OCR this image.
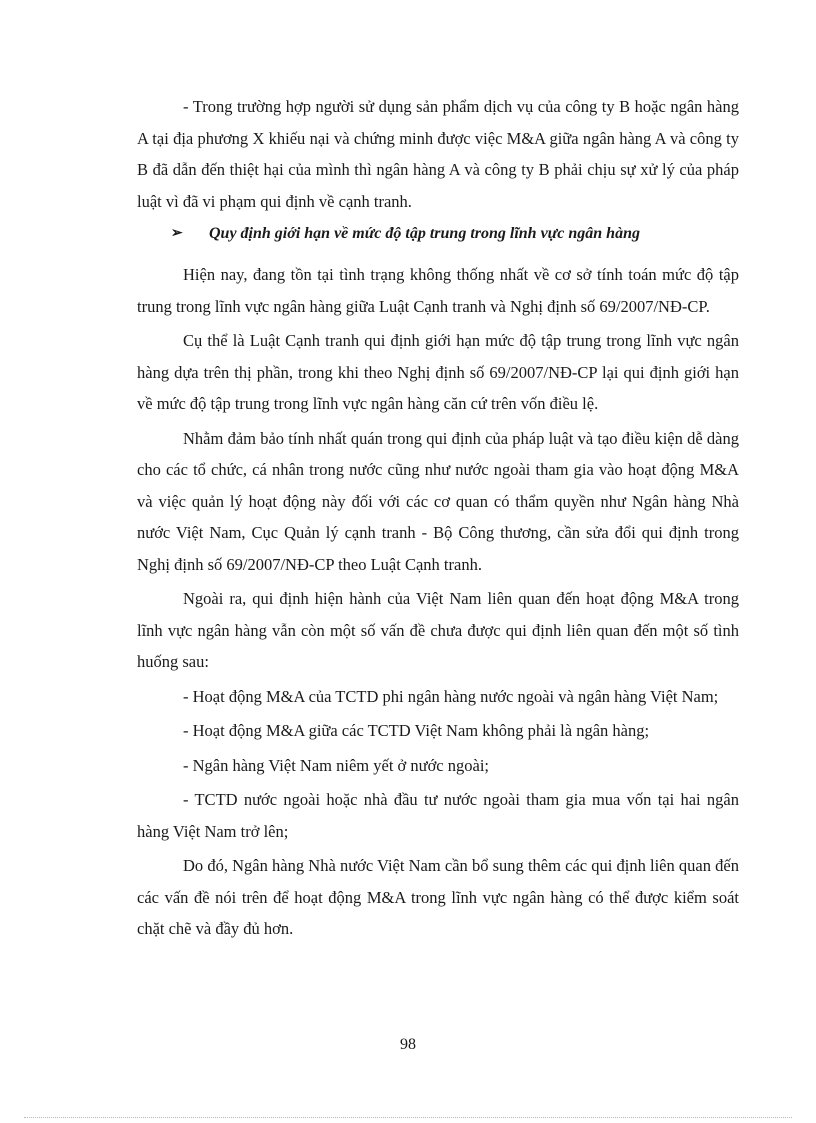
- Trong trường hợp người sử dụng sản phẩm dịch vụ của công ty B hoặc ngân hàng A tại địa phương X khiếu nại và chứng minh được việc M&A giữa ngân hàng A và công ty B đã dẫn đến thiệt hại của mình thì ngân hàng A và công ty B phải chịu sự xử lý của pháp luật vì đã vi phạm qui định về cạnh tranh.

➢	Quy định giới hạn về mức độ tập trung trong lĩnh vực ngân hàng

Hiện nay, đang tồn tại tình trạng không thống nhất về cơ sở tính toán mức độ tập trung trong lĩnh vực ngân hàng giữa Luật Cạnh tranh và Nghị định số 69/2007/NĐ-CP.

Cụ thể là Luật Cạnh tranh qui định giới hạn mức độ tập trung trong lĩnh vực ngân hàng dựa trên thị phần, trong khi theo Nghị định số 69/2007/NĐ-CP lại qui định giới hạn về mức độ tập trung trong lĩnh vực ngân hàng căn cứ trên vốn điều lệ.

Nhằm đảm bảo tính nhất quán trong qui định của pháp luật và tạo điều kiện dễ dàng cho các tổ chức, cá nhân trong nước cũng như nước ngoài tham gia vào hoạt động M&A và việc quản lý hoạt động này đối với các cơ quan có thẩm quyền như Ngân hàng Nhà nước Việt Nam, Cục Quản lý cạnh tranh - Bộ Công thương, cần sửa đổi qui định trong Nghị định số 69/2007/NĐ-CP theo Luật Cạnh tranh.

Ngoài ra, qui định hiện hành của Việt Nam liên quan đến hoạt động M&A trong lĩnh vực ngân hàng vẫn còn một số vấn đề chưa được qui định liên quan đến một số tình huống sau:

- Hoạt động M&A của TCTD phi ngân hàng nước ngoài và ngân hàng Việt Nam;

- Hoạt động M&A giữa các TCTD Việt Nam không phải là ngân hàng;

- Ngân hàng Việt Nam niêm yết ở nước ngoài;

- TCTD nước ngoài hoặc nhà đầu tư nước ngoài tham gia mua vốn tại hai ngân hàng Việt Nam trở lên;

Do đó, Ngân hàng Nhà nước Việt Nam cần bổ sung thêm các qui định liên quan đến các vấn đề nói trên để hoạt động M&A trong lĩnh vực ngân hàng có thể được kiểm soát chặt chẽ và đầy đủ hơn.

98
